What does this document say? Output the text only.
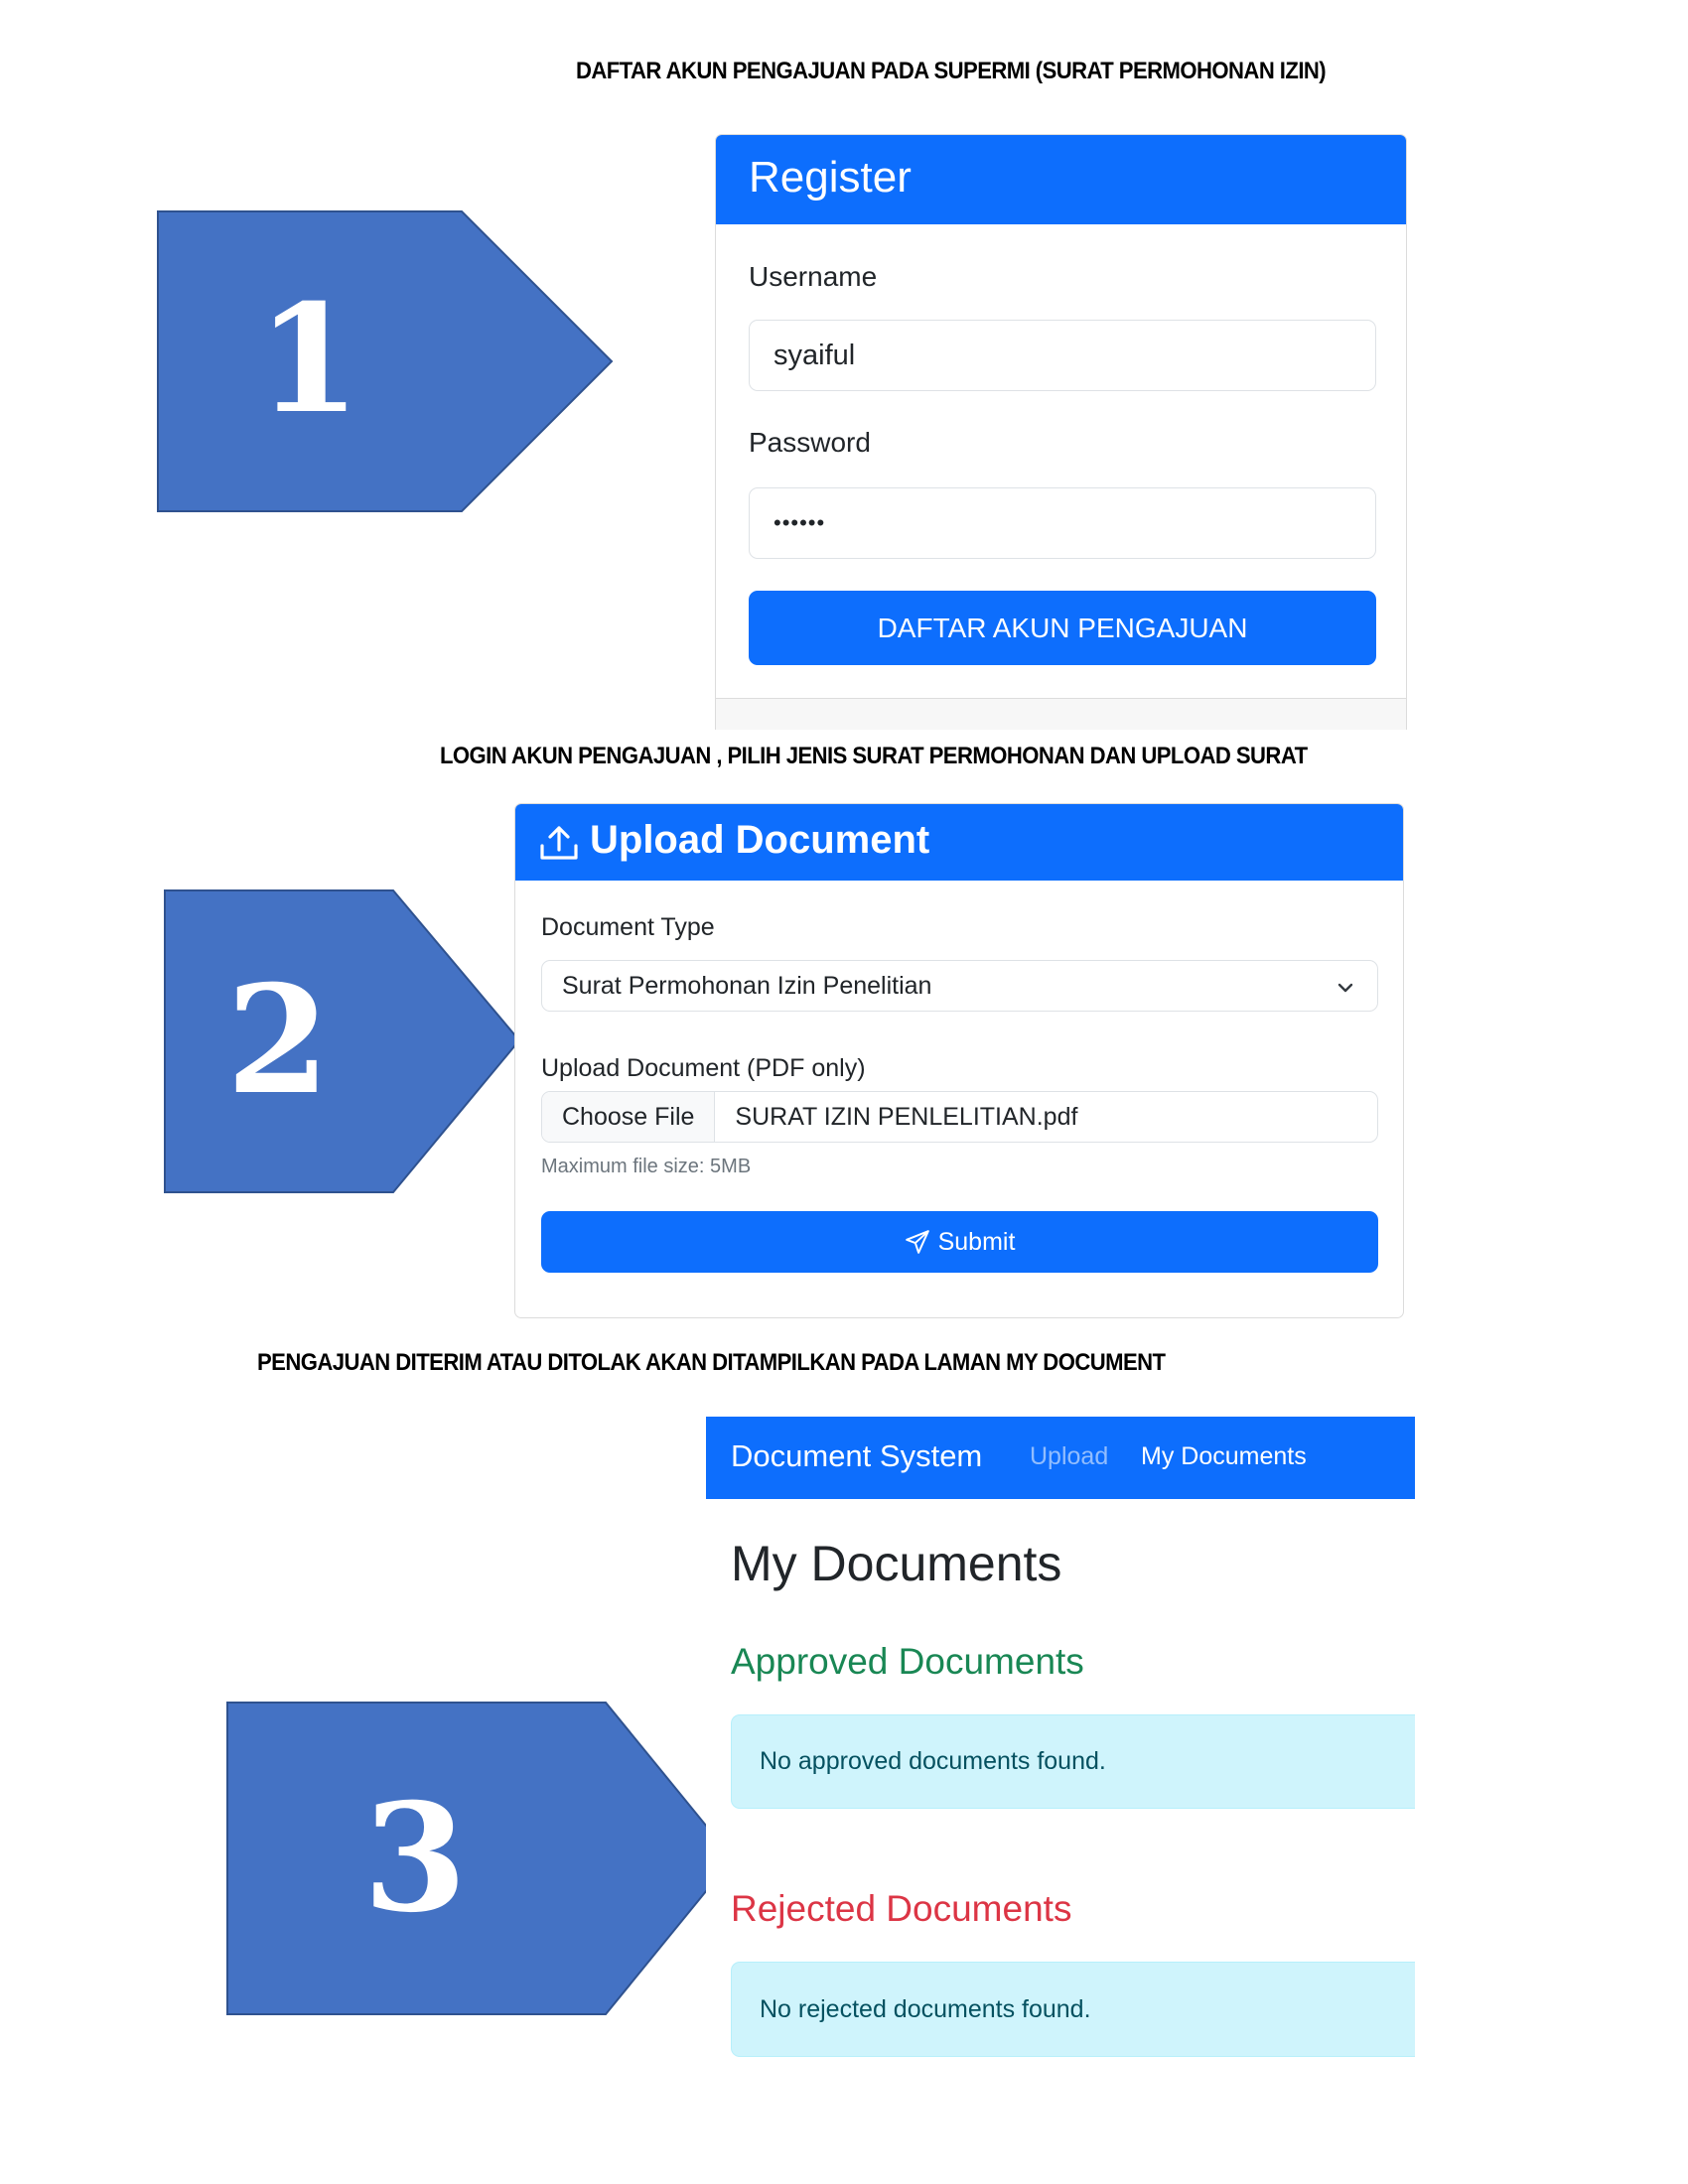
DAFTAR AKUN PENGAJUAN PADA SUPERMI (SURAT PERMOHONAN IZIN)
1
Register
Username
syaiful
Password
••••••
DAFTAR AKUN PENGAJUAN
LOGIN AKUN PENGAJUAN , PILIH JENIS SURAT PERMOHONAN DAN UPLOAD SURAT
2
Upload Document
Document Type
Surat Permohonan Izin Penelitian
Upload Document (PDF only)
Choose File	SURAT IZIN PENLELITIAN.pdf
Maximum file size: 5MB
Submit
PENGAJUAN DITERIM ATAU DITOLAK AKAN DITAMPILKAN PADA LAMAN MY DOCUMENT
3
Document System Upload My Documents
My Documents
Approved Documents
No approved documents found.
Rejected Documents
No rejected documents found.
